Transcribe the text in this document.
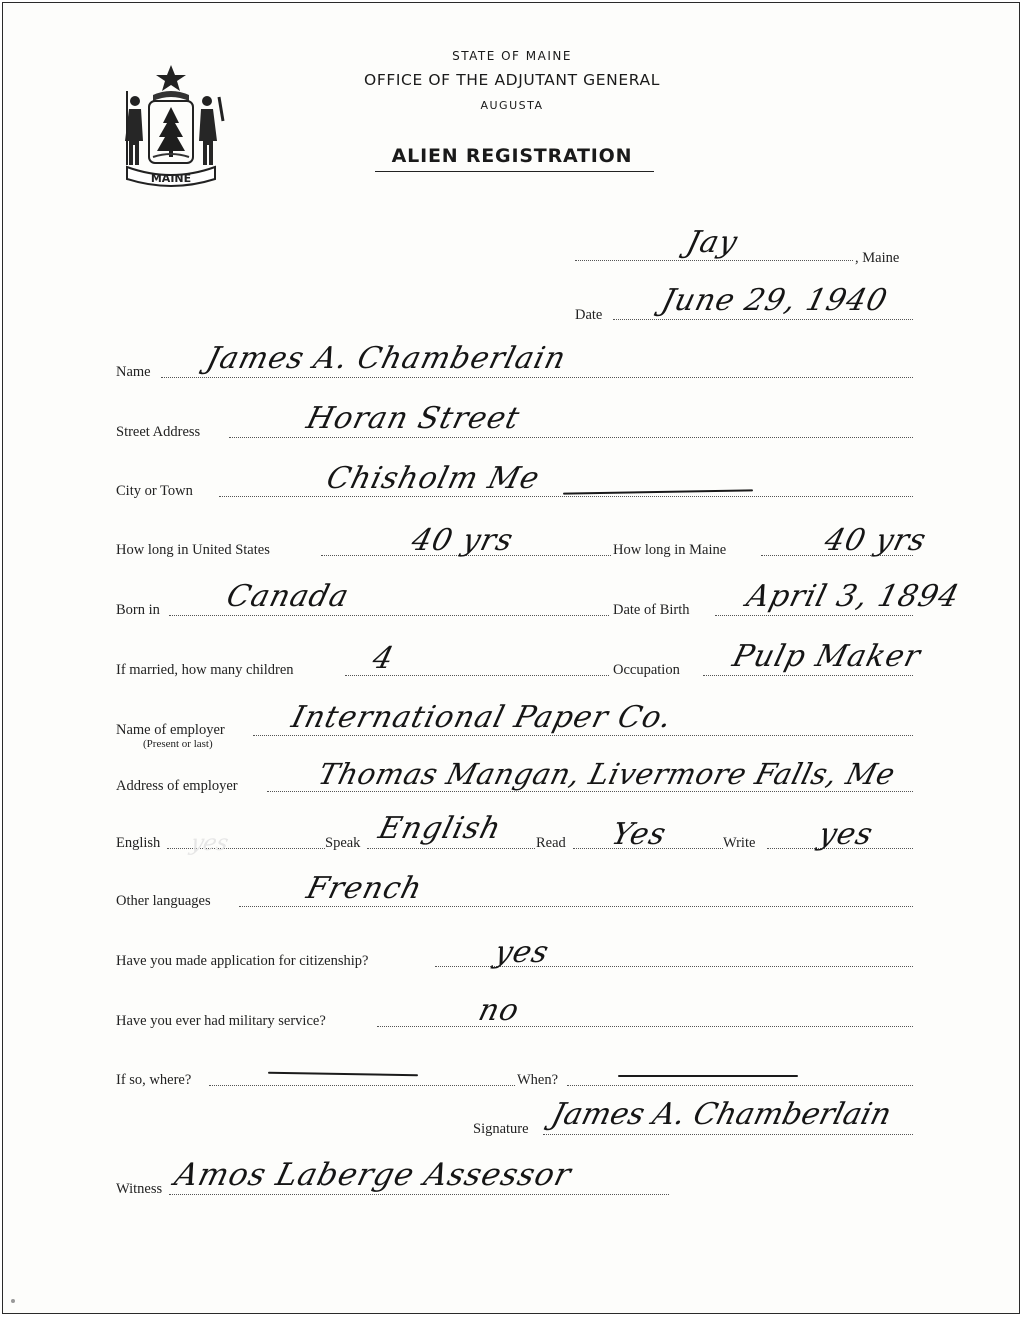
MAINE
STATE OF MAINE
OFFICE OF THE ADJUTANT GENERAL
AUGUSTA
ALIEN REGISTRATION
Jay	, Maine
Date June 29, 1940
Name James A. Chamberlain
Street Address	Horan Street
City or Town	Chisholm Me
How long in United States	40 yrs	How long in Maine	40 yrs
Born in Canada	Date of Birth April 3, 1894
If married, how many children	4	Occupation Pulp Maker
Name of employer
(Present or last)
International Paper Co.
Address of employer	Thomas Mangan, Livermore Falls, Me
English yes	Speak English Read Yes	Write yes
Other languages	French
Have you made application for citizenship?	yes
Have you ever had military service?	no
If so, where?	When?
Signature James A. Chamberlain
Witness Amos Laberge Assessor
